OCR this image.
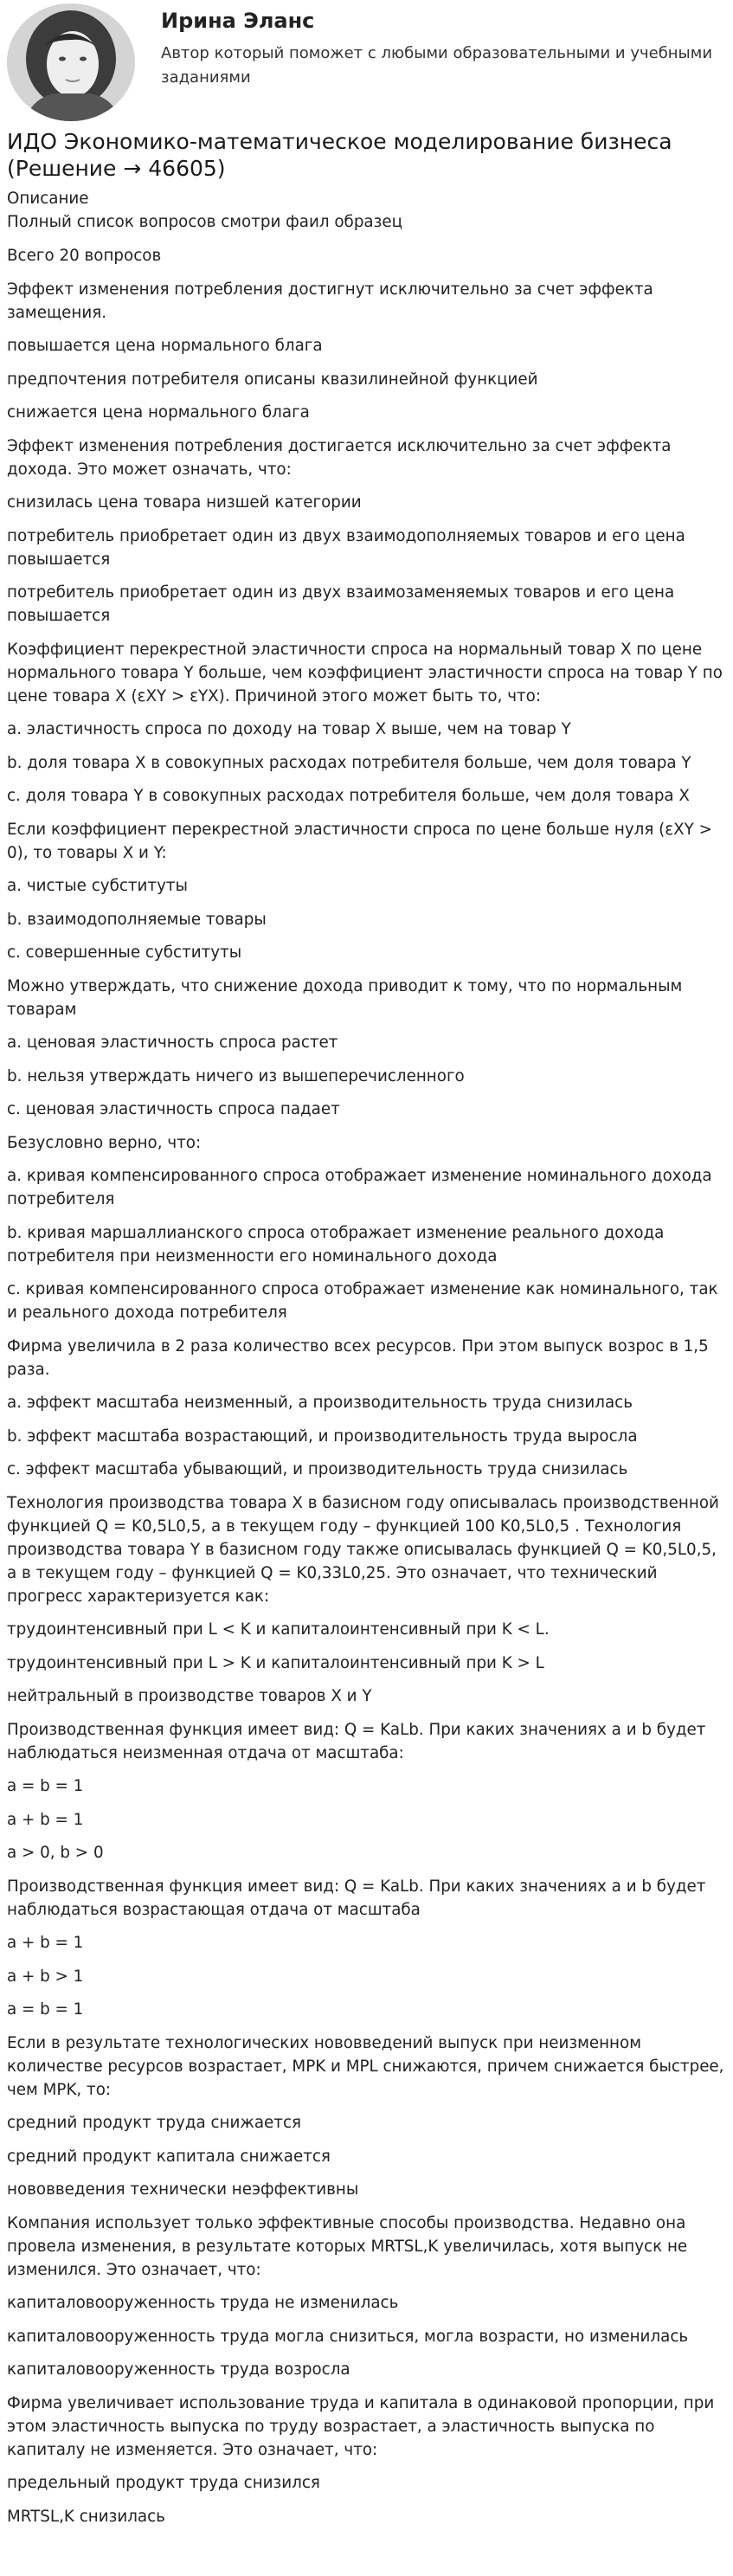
Ирина Эланс
Автор который поможет с любыми образовательными и учебными заданиями
ИДО Экономико-математическое моделирование бизнеса (Решение → 46605)
Описание
Полный список вопросов смотри фаил образец

Всего 20 вопросов

Эффект изменения потребления достигнут исключительно за счет эффекта замещения.

повышается цена нормального блага

предпочтения потребителя описаны квазилинейной функцией

снижается цена нормального блага

Эффект изменения потребления достигается исключительно за счет эффекта дохода. Это может означать, что:

снизилась цена товара низшей категории

потребитель приобретает один из двух взаимодополняемых товаров и его цена повышается

потребитель приобретает один из двух взаимозаменяемых товаров и его цена повышается

Коэффициент перекрестной эластичности спроса на нормальный товар X по цене нормального товара Y больше, чем коэффициент эластичности спроса на товар Y по цене товара X (εXY > εYX). Причиной этого может быть то, что:

a. эластичность спроса по доходу на товар X выше, чем на товар Y

b. доля товара X в совокупных расходах потребителя больше, чем доля товара Y

c. доля товара Y в совокупных расходах потребителя больше, чем доля товара X

Если коэффициент перекрестной эластичности спроса по цене больше нуля (εXY > 0), то товары X и Y:

a. чистые субституты

b. взаимодополняемые товары

c. совершенные субституты

Можно утверждать, что снижение дохода приводит к тому, что по нормальным товарам

a. ценовая эластичность спроса растет

b. нельзя утверждать ничего из вышеперечисленного

c. ценовая эластичность спроса падает

Безусловно верно, что:

a. кривая компенсированного спроса отображает изменение номинального дохода потребителя

b. кривая маршаллианского спроса отображает изменение реального дохода потребителя при неизменности его номинального дохода

c. кривая компенсированного спроса отображает изменение как номинального, так и реального дохода потребителя

Фирма увеличила в 2 раза количество всех ресурсов. При этом выпуск возрос в 1,5 раза.

a. эффект масштаба неизменный, а производительность труда снизилась

b. эффект масштаба возрастающий, и производительность труда выросла

c. эффект масштаба убывающий, и производительность труда снизилась

Технология производства товара X в базисном году описывалась производственной функцией Q = K0,5L0,5, а в текущем году – функцией 100 K0,5L0,5 . Технология производства товара Y в базисном году также описывалась функцией Q = K0,5L0,5, а в текущем году – функцией Q = K0,33L0,25. Это означает, что технический прогресс характеризуется как:

трудоинтенсивный при L < K и капиталоинтенсивный при K < L.

трудоинтенсивный при L > K и капиталоинтенсивный при K > L

нейтральный в производстве товаров X и Y

Производственная функция имеет вид: Q = KaLb. При каких значениях a и b будет наблюдаться неизменная отдача от масштаба:

a = b = 1

a + b = 1

a > 0, b > 0

Производственная функция имеет вид: Q = KaLb. При каких значениях a и b будет наблюдаться возрастающая отдача от масштаба

a + b = 1

a + b > 1

a = b = 1

Если в результате технологических нововведений выпуск при неизменном количестве ресурсов возрастает, MPK и MPL снижаются, причем снижается быстрее, чем MPK, то:

средний продукт труда снижается

средний продукт капитала снижается

нововведения технически неэффективны

Компания использует только эффективные способы производства. Недавно она провела изменения, в результате которых MRTSL,K увеличилась, хотя выпуск не изменился. Это означает, что:

капиталовооруженность труда не изменилась

капиталовооруженность труда могла снизиться, могла возрасти, но изменилась

капиталовооруженность труда возросла

Фирма увеличивает использование труда и капитала в одинаковой пропорции, при этом эластичность выпуска по труду возрастает, а эластичность выпуска по капиталу не изменяется. Это означает, что:

предельный продукт труда снизился

MRTSL,K снизилась
